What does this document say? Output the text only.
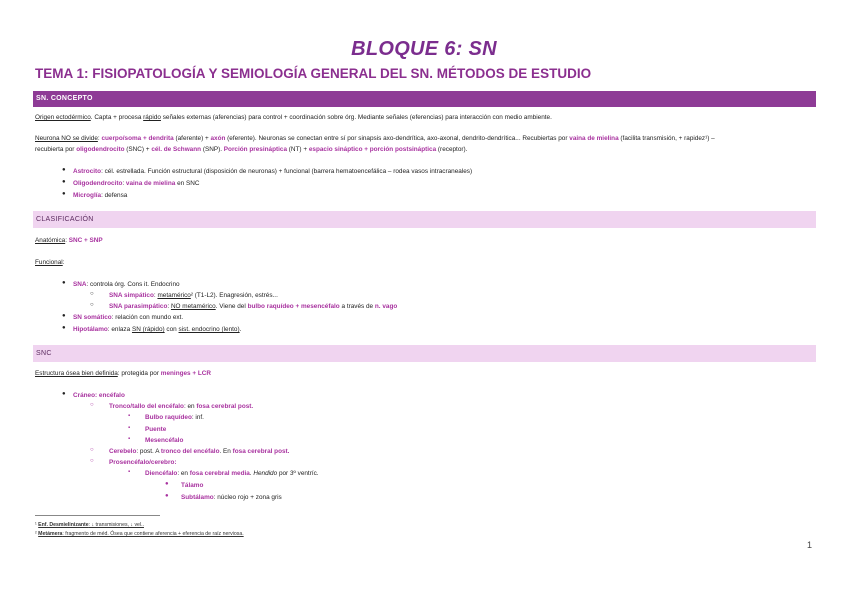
BLOQUE 6: SN
TEMA 1: FISIOPATOLOGÍA Y SEMIOLOGÍA GENERAL DEL SN. MÉTODOS DE ESTUDIO
SN. CONCEPTO
Origen ectodérmico. Capta + procesa rápido señales externas (aferencias) para control + coordinación sobre órg. Mediante señales (eferencias) para interacción con medio ambiente.
Neurona NO se divide: cuerpo/soma + dendrita (aferente) + axón (eferente). Neuronas se conectan entre sí por sinapsis axo-dendrítica, axo-axonal, dendrito-dendrítica... Recubiertas por vaina de mielina (facilita transmisión, + rapidez¹) –
recubierta por oligodendrocito (SNC) + cél. de Schwann (SNP). Porción presináptica (NT) + espacio sináptico + porción postsináptica (receptor).
● Astrocito: cél. estrellada. Función estructural (disposición de neuronas) + funcional (barrera hematoencefálica – rodea vasos intracraneales)
● Oligodendrocito: vaina de mielina en SNC
● Microglía: defensa
CLASIFICACIÓN
Anatómica: SNC + SNP
Funcional:
● SNA: controla órg. Cons it. Endocrino
○ SNA simpático: metamérico² (T1-L2). Enagresión, estrés...
○ SNA parasimpático: NO metamérico. Viene del bulbo raquídeo + mesencéfalo a través de n. vago
● SN somático: relación con mundo ext.
● Hipotálamo: enlaza SN (rápido) con sist. endocrino (lento).
SNC
Estructura ósea bien definida: protegida por meninges + LCR
● Cráneo: encéfalo
○ Tronco/tallo del encéfalo: en fosa cerebral post.
▪ Bulbo raquídeo: inf.
▪ Puente
▪ Mesencéfalo
○ Cerebelo: post. A tronco del encéfalo. En fosa cerebral post.
○ Prosencéfalo/cerebro:
▪ Diencéfalo: en fosa cerebral media. Hendido por 3º ventríc.
● Tálamo
● Subtálamo: núcleo rojo + zona gris
¹ Enf. Desmielinizante: ↓ transmisiones, ↓ vel..
² Metámera: fragmento de méd. Ósea que contiene aferencia + eferencia de raíz nerviosa.
1
